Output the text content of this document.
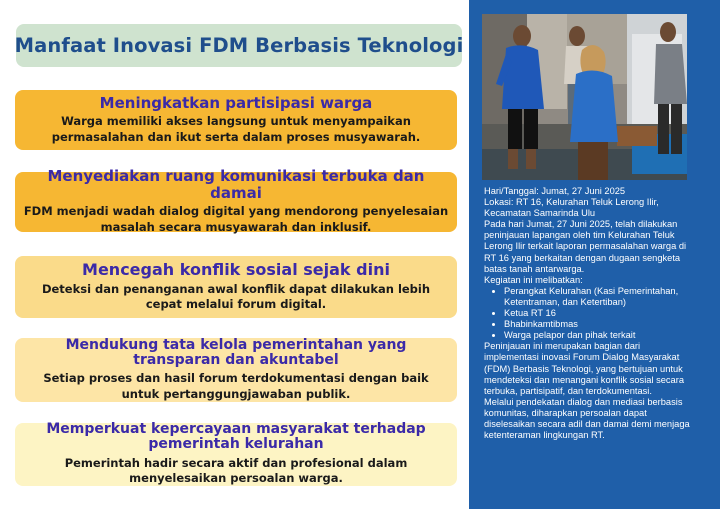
Manfaat Inovasi FDM Berbasis Teknologi
Meningkatkan partisipasi warga

Warga memiliki akses langsung untuk menyampaikan permasalahan dan ikut serta dalam proses musyawarah.

Menyediakan ruang komunikasi terbuka dan damai

FDM menjadi wadah dialog digital yang mendorong penyelesaian masalah secara musyawarah dan inklusif.

Mencegah konflik sosial sejak dini

Deteksi dan penanganan awal konflik dapat dilakukan lebih cepat melalui forum digital.

Mendukung tata kelola pemerintahan yang transparan dan akuntabel

Setiap proses dan hasil forum terdokumentasi dengan baik untuk pertanggungjawaban publik.

Memperkuat kepercayaan masyarakat terhadap pemerintah kelurahan

Pemerintah hadir secara aktif dan profesional dalam menyelesaikan persoalan warga.

Hari/Tanggal: Jumat, 27 Juni 2025

Lokasi: RT 16, Kelurahan Teluk Lerong Ilir, Kecamatan Samarinda Ulu

Pada hari Jumat, 27 Juni 2025, telah dilakukan peninjauan lapangan oleh tim Kelurahan Teluk Lerong Ilir terkait laporan permasalahan warga di RT 16 yang berkaitan dengan dugaan sengketa batas tanah antarwarga.

Kegiatan ini melibatkan:

• Perangkat Kelurahan (Kasi Pemerintahan, Ketentraman, dan Ketertiban)
• Ketua RT 16
• Bhabinkamtibmas
• Warga pelapor dan pihak terkait

Peninjauan ini merupakan bagian dari implementasi inovasi Forum Dialog Masyarakat (FDM) Berbasis Teknologi, yang bertujuan untuk mendeteksi dan menangani konflik sosial secara terbuka, partisipatif, dan terdokumentasi.

Melalui pendekatan dialog dan mediasi berbasis komunitas, diharapkan persoalan dapat diselesaikan secara adil dan damai demi menjaga ketenteraman lingkungan RT.
